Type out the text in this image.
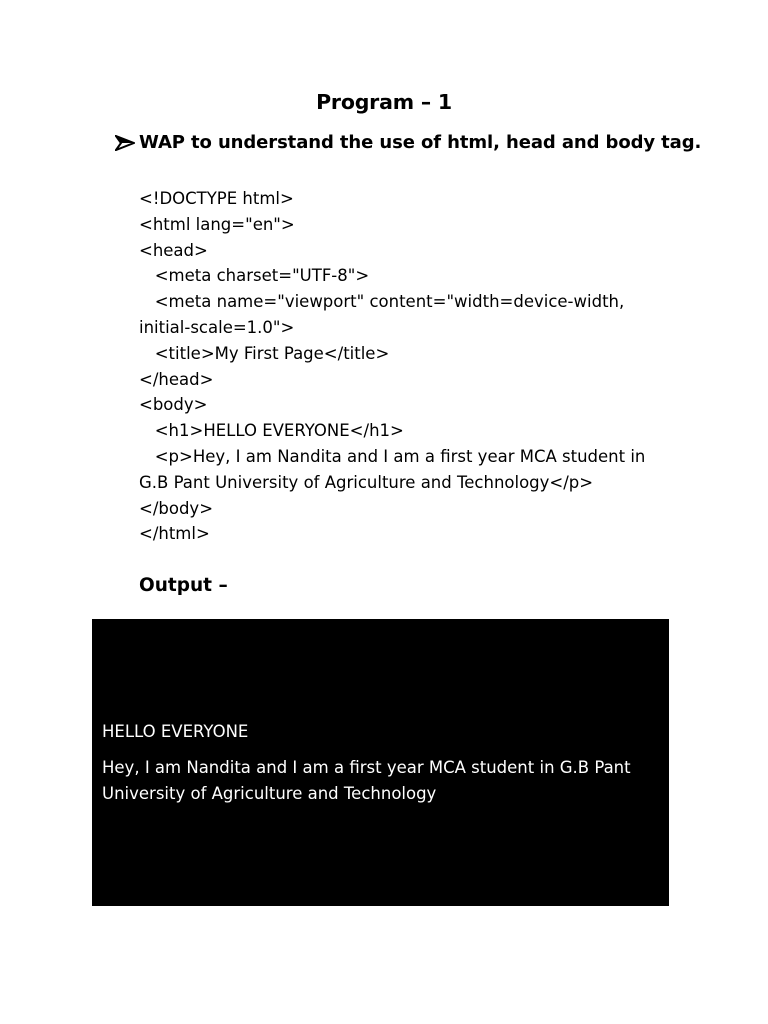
Program – 1
WAP to understand the use of html, head and body tag.
<!DOCTYPE html>
<html lang="en">
<head>
<meta charset="UTF-8">
<meta name="viewport" content="width=device-width,
initial-scale=1.0">
<title>My First Page</title>
</head>
<body>
<h1>HELLO EVERYONE</h1>
<p>Hey, I am Nandita and I am a first year MCA student in
G.B Pant University of Agriculture and Technology</p>
</body>
</html>
Output –
HELLO EVERYONE
Hey, I am Nandita and I am a first year MCA student in G.B Pant University of Agriculture and Technology
